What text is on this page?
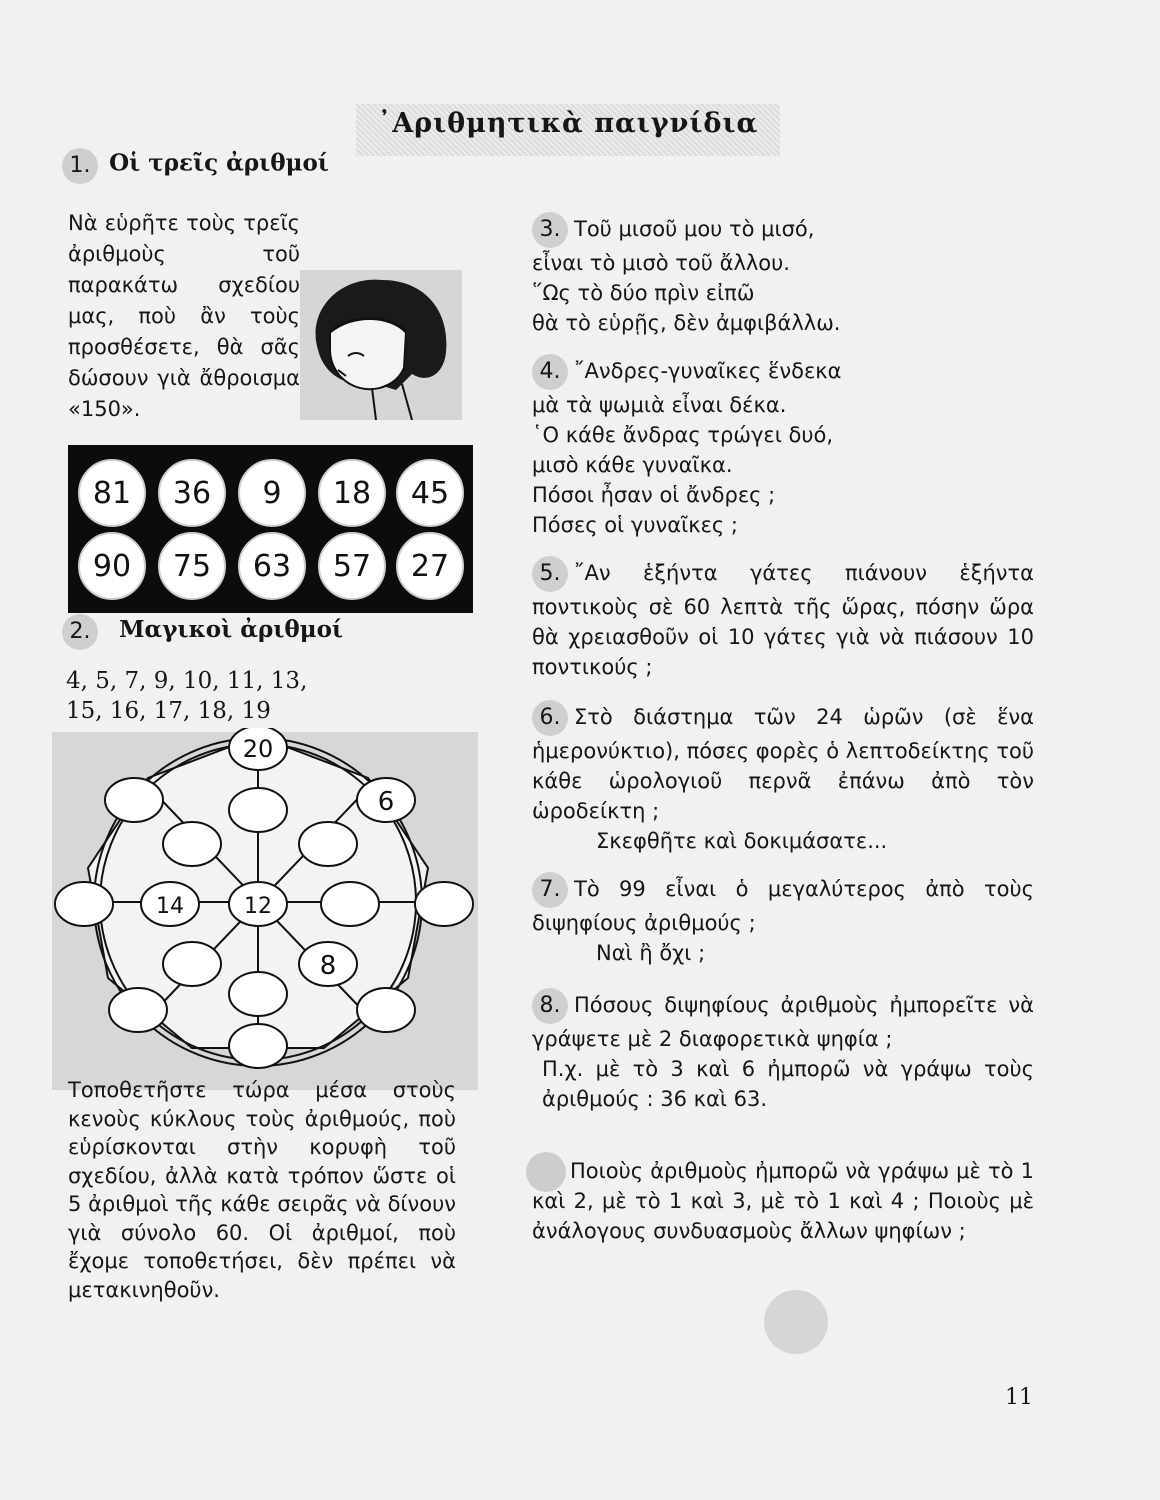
᾿Αριθμητικὰ παιγνίδια
1. Οἱ τρεῖς ἀριθμοί
Νὰ εὑρῆτε τοὺς τρεῖς ἀριθμοὺς τοῦ παρακάτω σχεδίου μας, ποὺ ἂν τοὺς προσθέσετε, θὰ σᾶς δώσουν γιὰ ἄθροισμα «150».
81	36	9	18	45
90	75	63	57	27
2. Μαγικοὶ ἀριθμοί
4, 5, 7, 9, 10, 11, 13,
15, 16, 17, 18, 19
20
6
12
14
8
Τοποθετῆστε τώρα μέσα στοὺς κενοὺς κύκλους τοὺς ἀριθμούς, ποὺ εὑρίσκονται στὴν κορυφὴ τοῦ σχεδίου, ἀλλὰ κατὰ τρόπον ὥστε οἱ 5 ἀριθμοὶ τῆς κάθε σειρᾶς νὰ δίνουν γιὰ σύνολο 60. Οἱ ἀριθμοί, ποὺ ἔχομε τοποθετήσει, δὲν πρέπει νὰ μετακινηθοῦν.

3. Τοῦ μισοῦ μου τὸ μισό,

εἶναι τὸ μισὸ τοῦ ἄλλου.

῞Ως τὸ δύο πρὶν εἰπῶ

θὰ τὸ εὑρῇς, δὲν ἀμφιβάλλω.

4. ῎Ανδρες-γυναῖκες ἕνδεκα

μὰ τὰ ψωμιὰ εἶναι δέκα.

῾Ο κάθε ἄνδρας τρώγει δυό,

μισὸ κάθε γυναῖκα.

Πόσοι ἦσαν οἱ ἄνδρες ;

Πόσες οἱ γυναῖκες ;

5. ῎Αν ἑξήντα γάτες πιάνουν ἑξήντα ποντικοὺς σὲ 60 λεπτὰ τῆς ὥρας, πόσην ὥρα θὰ χρειασθοῦν οἱ 10 γάτες γιὰ νὰ πιάσουν 10 ποντικούς ;
6. Στὸ διάστημα τῶν 24 ὡρῶν (σὲ ἕνα ἡμερονύκτιο), πόσες φορὲς ὁ λεπτοδείκτης τοῦ κάθε ὡρολογιοῦ περνᾶ ἐπάνω ἀπὸ τὸν ὡροδείκτη ;

Σκεφθῆτε καὶ δοκιμάσατε...

7. Τὸ 99 εἶναι ὁ μεγαλύτερος ἀπὸ τοὺς διψηφίους ἀριθμούς ;

Ναὶ ἢ ὄχι ;

8. Πόσους διψηφίους ἀριθμοὺς ἠμπορεῖτε νὰ γράψετε μὲ 2 διαφορετικὰ ψηφία ;

Π.χ. μὲ τὸ 3 καὶ 6 ἠμπορῶ νὰ γράψω τοὺς ἀριθμούς : 36 καὶ 63.

Ποιοὺς ἀριθμοὺς ἠμπορῶ νὰ γράψω μὲ τὸ 1 καὶ 2, μὲ τὸ 1 καὶ 3, μὲ τὸ 1 καὶ 4 ; Ποιοὺς μὲ ἀνάλογους συνδυασμοὺς ἄλλων ψηφίων ;
11
